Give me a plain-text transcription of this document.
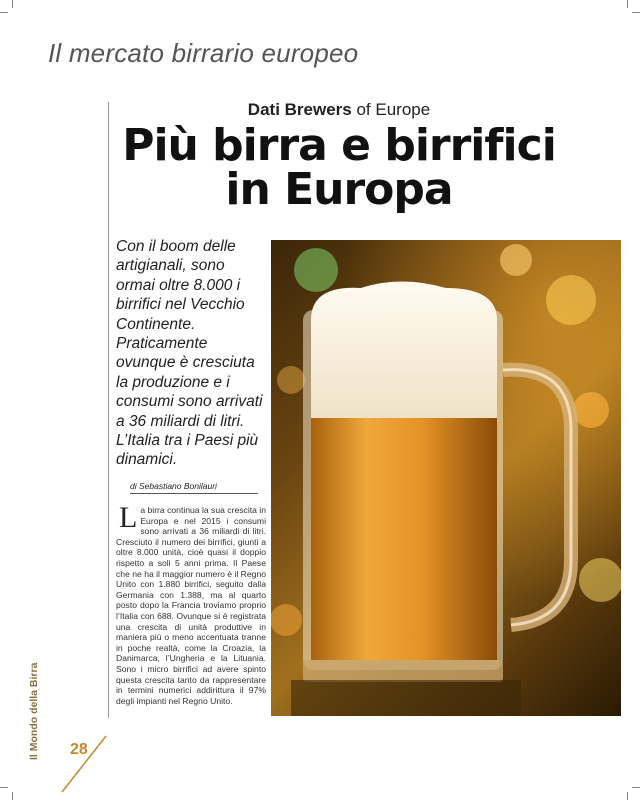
Il mercato birrario europeo
Dati Brewers of Europe
Più birra e birrifici
in Europa
Con il boom delle artigianali, sono ormai oltre 8.000 i birrifici nel Vecchio Continente. Praticamente ovunque è cresciuta la produzione e i consumi sono arrivati a 36 miliardi di litri. L’Italia tra i Paesi più dinamici.
di Sebastiano Bonilauri
La birra continua la sua crescita in Europa e nel 2015 i consumi sono arrivati a 36 miliardi di litri. Cresciuto il numero dei birrifici, giunti a oltre 8.000 unità, cioè quasi il doppio rispetto a soli 5 anni prima. Il Paese che ne ha il maggior numero è il Regno Unito con 1.880 birrifici, seguito dalla Germania con 1.388, ma al quarto posto dopo la Francia troviamo proprio l’Italia con 688. Ovunque si è registrata una crescita di unità produttive in maniera più o meno accentuata tranne in poche realtà, come la Croazia, la Danimarca, l’Ungheria e la Lituania. Sono i micro birrifici ad avere spinto questa crescita tanto da rappresentare in termini numerici addirittura il 97% degli impianti nel Regno Unito.
Il Mondo della Birra 28
